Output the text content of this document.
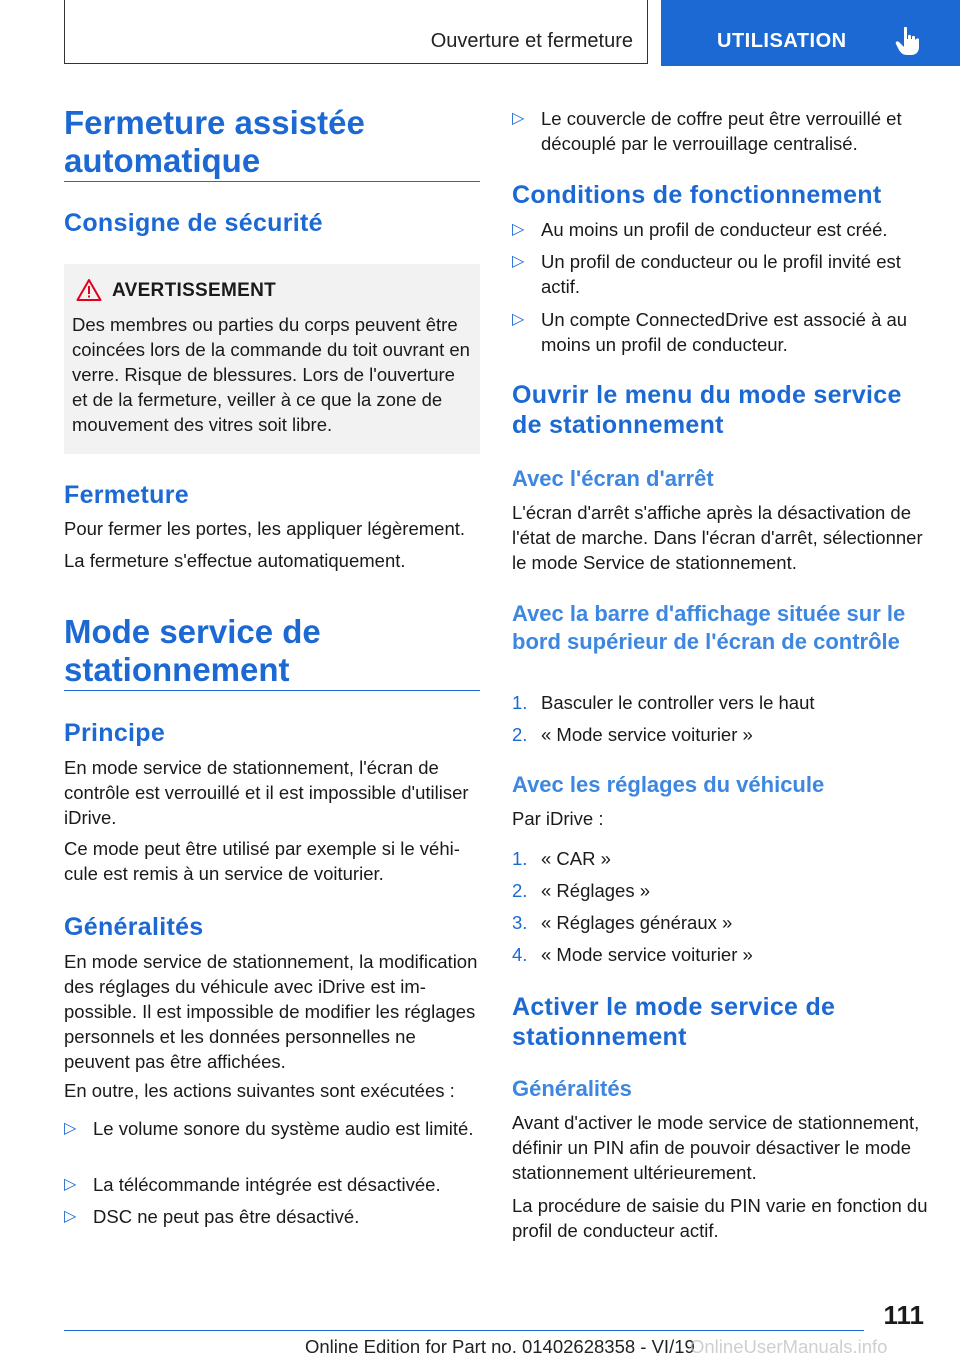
Ouverture et fermeture	UTILISATION
Fermeture assistée automatique
Consigne de sécurité
AVERTISSEMENT
Des membres ou parties du corps peuvent être coincées lors de la commande du toit ouvrant en verre. Risque de blessures. Lors de l'ouverture et de la fermeture, veiller à ce que la zone de mouvement des vitres soit libre.
Fermeture

Pour fermer les portes, les appliquer légèrement.

La fermeture s'effectue automatiquement.

Mode service de stationnement
Principe

En mode service de stationnement, l'écran de contrôle est verrouillé et il est impossible d'utiliser iDrive.

Ce mode peut être utilisé par exemple si le véhicule est remis à un service de voiturier.

Généralités

En mode service de stationnement, la modification des réglages du véhicule avec iDrive est impossible. Il est impossible de modifier les réglages personnels et les données personnelles ne peuvent pas être affichées.

En outre, les actions suivantes sont exécutées :

▷ Le volume sonore du système audio est limité.
▷ La télécommande intégrée est désactivée.
▷ DSC ne peut pas être désactivé.
▷ Le couvercle de coffre peut être verrouillé et découplé par le verrouillage centralisé.
Conditions de fonctionnement
▷ Au moins un profil de conducteur est créé.
▷ Un profil de conducteur ou le profil invité est actif.
▷ Un compte ConnectedDrive est associé à au moins un profil de conducteur.
Ouvrir le menu du mode service de stationnement
Avec l'écran d'arrêt

L'écran d'arrêt s'affiche après la désactivation de l'état de marche. Dans l'écran d'arrêt, sélectionner le mode Service de stationnement.

Avec la barre d'affichage située sur le bord supérieur de l'écran de contrôle
1. Basculer le controller vers le haut
2. « Mode service voiturier »
Avec les réglages du véhicule

Par iDrive :

1. « CAR »
2. « Réglages »
3. « Réglages généraux »
4. « Mode service voiturier »
Activer le mode service de stationnement
Généralités

Avant d'activer le mode service de stationnement, définir un PIN afin de pouvoir désactiver le mode stationnement ultérieurement.

La procédure de saisie du PIN varie en fonction du profil de conducteur actif.

111
Online Edition for Part no. 01402628358 - VI/19
OnlineUserManuals.info
